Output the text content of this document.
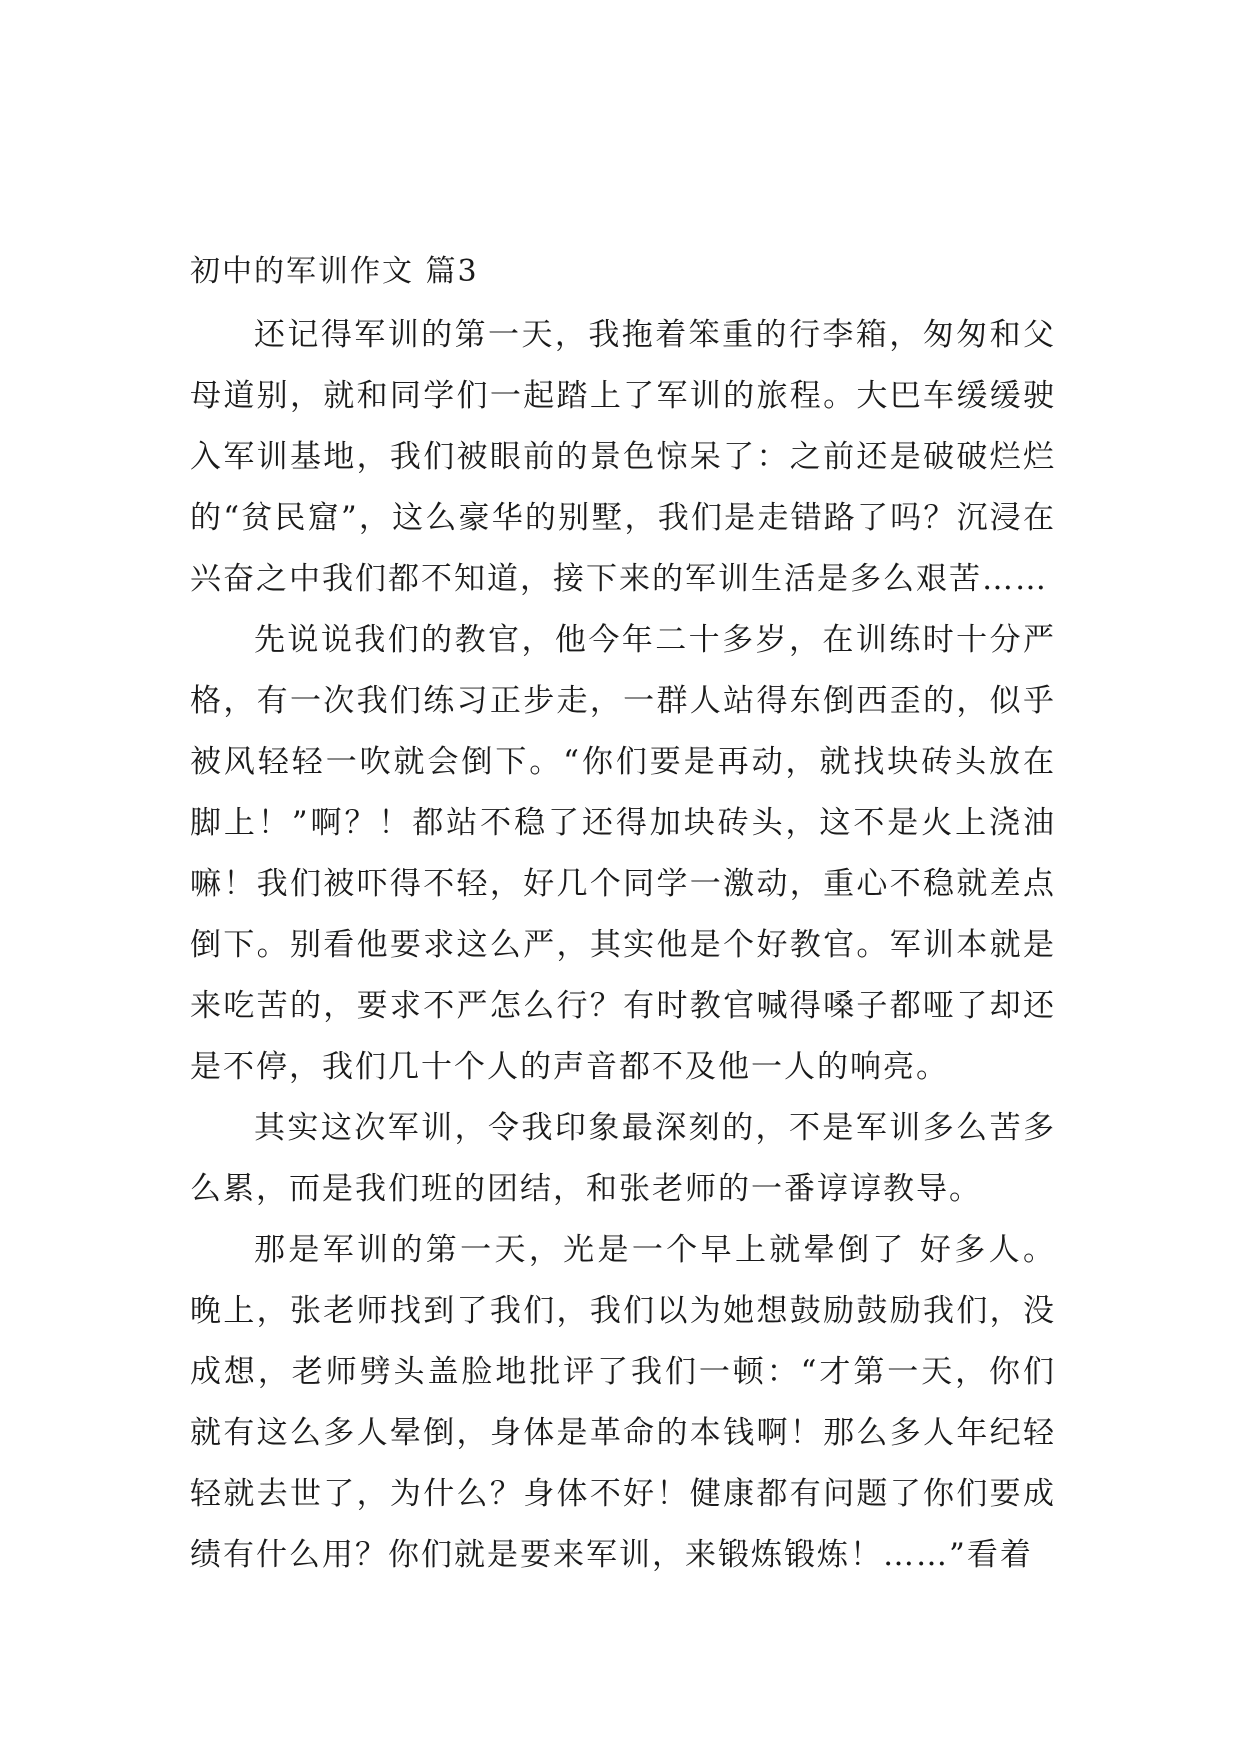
初中的军训作文 篇3

还记得军训的第一天，我拖着笨重的行李箱，匆匆和父母道别，就和同学们一起踏上了军训的旅程。大巴车缓缓驶入军训基地，我们被眼前的景色惊呆了：之前还是破破烂烂的“贫民窟”，这么豪华的别墅，我们是走错路了吗？沉浸在兴奋之中我们都不知道，接下来的军训生活是多么艰苦……

先说说我们的教官，他今年二十多岁，在训练时十分严格，有一次我们练习正步走，一群人站得东倒西歪的，似乎被风轻轻一吹就会倒下。“你们要是再动，就找块砖头放在脚上！”啊？！都站不稳了还得加块砖头，这不是火上浇油嘛！我们被吓得不轻，好几个同学一激动，重心不稳就差点倒下。别看他要求这么严，其实他是个好教官。军训本就是来吃苦的，要求不严怎么行？有时教官喊得嗓子都哑了却还是不停，我们几十个人的声音都不及他一人的响亮。

其实这次军训，令我印象最深刻的，不是军训多么苦多么累，而是我们班的团结，和张老师的一番谆谆教导。

那是军训的第一天，光是一个早上就晕倒了 好多人。晚上，张老师找到了我们，我们以为她想鼓励鼓励我们，没成想，老师劈头盖脸地批评了我们一顿：“才第一天，你们就有这么多人晕倒，身体是革命的本钱啊！那么多人年纪轻轻就去世了，为什么？身体不好！健康都有问题了你们要成绩有什么用？你们就是要来军训，来锻炼锻炼！……”看着
